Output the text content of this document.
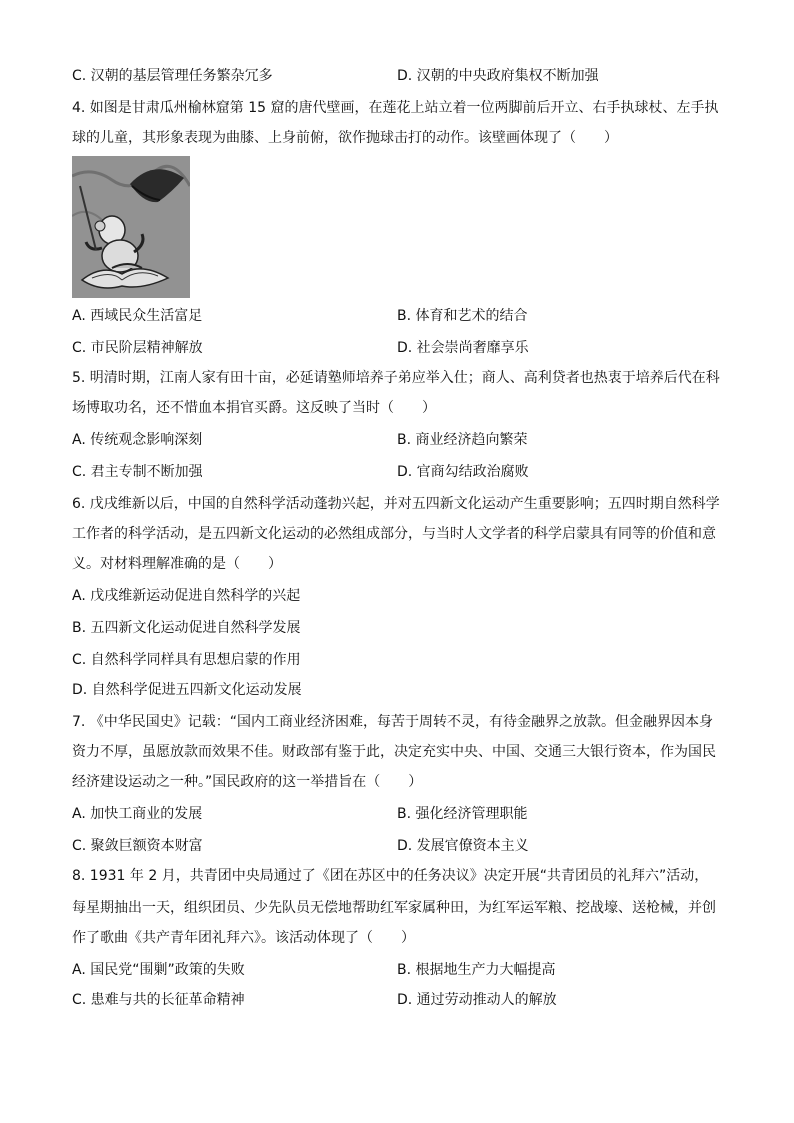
C. 汉朝的基层管理任务繁杂冗多	D. 汉朝的中央政府集权不断加强
4. 如图是甘肃瓜州榆林窟第 15 窟的唐代壁画，在莲花上站立着一位两脚前后开立、右手执球杖、左手执
球的儿童，其形象表现为曲膝、上身前俯，欲作抛球击打的动作。该壁画体现了（　　）
A. 西域民众生活富足	B. 体育和艺术的结合
C. 市民阶层精神解放	D. 社会崇尚奢靡享乐
5. 明清时期，江南人家有田十亩，必延请塾师培养子弟应举入仕；商人、高利贷者也热衷于培养后代在科
场博取功名，还不惜血本捐官买爵。这反映了当时（　　）
A. 传统观念影响深刻	B. 商业经济趋向繁荣
C. 君主专制不断加强	D. 官商勾结政治腐败
6. 戊戌维新以后，中国的自然科学活动蓬勃兴起，并对五四新文化运动产生重要影响；五四时期自然科学
工作者的科学活动，是五四新文化运动的必然组成部分，与当时人文学者的科学启蒙具有同等的价值和意
义。对材料理解准确的是（　　）
A. 戊戌维新运动促进自然科学的兴起
B. 五四新文化运动促进自然科学发展
C. 自然科学同样具有思想启蒙的作用
D. 自然科学促进五四新文化运动发展
7. 《中华民国史》记载：“国内工商业经济困难，每苦于周转不灵，有待金融界之放款。但金融界因本身
资力不厚，虽愿放款而效果不佳。财政部有鉴于此，决定充实中央、中国、交通三大银行资本，作为国民
经济建设运动之一种。”国民政府的这一举措旨在（　　）
A. 加快工商业的发展	B. 强化经济管理职能
C. 聚敛巨额资本财富	D. 发展官僚资本主义
8. 1931 年 2 月，共青团中央局通过了《团在苏区中的任务决议》决定开展“共青团员的礼拜六”活动，
每星期抽出一天，组织团员、少先队员无偿地帮助红军家属种田，为红军运军粮、挖战壕、送枪械，并创
作了歌曲《共产青年团礼拜六》。该活动体现了（　　）
A. 国民党“围剿”政策的失败	B. 根据地生产力大幅提高
C. 患难与共的长征革命精神	D. 通过劳动推动人的解放
